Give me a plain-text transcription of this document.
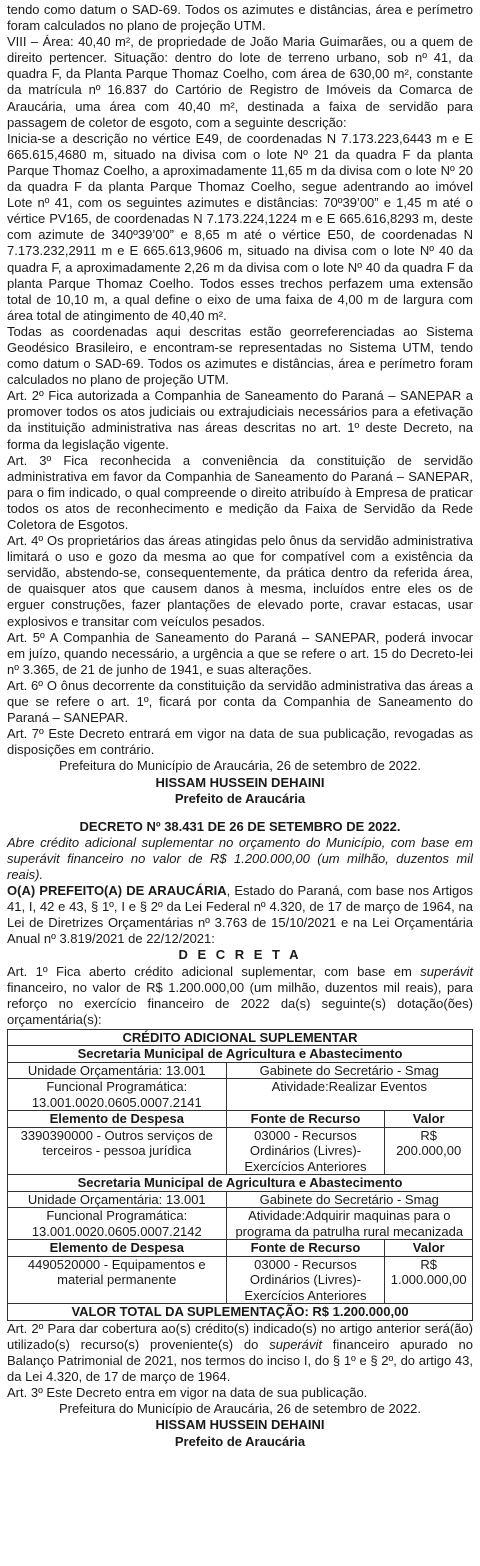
tendo como datum o SAD-69. Todos os azimutes e distâncias, área e perímetro foram calculados no plano de projeção UTM.

VIII – Área: 40,40 m², de propriedade de João Maria Guimarães, ou a quem de direito pertencer. Situação: dentro do lote de terreno urbano, sob nº 41, da quadra F, da Planta Parque Thomaz Coelho, com área de 630,00 m², constante da matrícula nº 16.837 do Cartório de Registro de Imóveis da Comarca de Araucária, uma área com 40,40 m², destinada a faixa de servidão para passagem de coletor de esgoto, com a seguinte descrição:

Inicia-se a descrição no vértice E49, de coordenadas N 7.173.223,6443 m e E 665.615,4680 m, situado na divisa com o lote Nº 21 da quadra F da planta Parque Thomaz Coelho, a aproximadamente 11,65 m da divisa com o lote Nº 20 da quadra F da planta Parque Thomaz Coelho, segue adentrando ao imóvel Lote nº 41, com os seguintes azimutes e distâncias: 70º39’00” e 1,45 m até o vértice PV165, de coordenadas N 7.173.224,1224 m e E 665.616,8293 m, deste com azimute de 340º39’00” e 8,65 m até o vértice E50, de coordenadas N 7.173.232,2911 m e E 665.613,9606 m, situado na divisa com o lote Nº 40 da quadra F, a aproximadamente 2,26 m da divisa com o lote Nº 40 da quadra F da planta Parque Thomaz Coelho. Todos esses trechos perfazem uma extensão total de 10,10 m, a qual define o eixo de uma faixa de 4,00 m de largura com área total de atingimento de 40,40 m².

Todas as coordenadas aqui descritas estão georreferenciadas ao Sistema Geodésico Brasileiro, e encontram-se representadas no Sistema UTM, tendo como datum o SAD-69. Todos os azimutes e distâncias, área e perímetro foram calculados no plano de projeção UTM.

Art. 2º Fica autorizada a Companhia de Saneamento do Paraná – SANEPAR a promover todos os atos judiciais ou extrajudiciais necessários para a efetivação da instituição administrativa nas áreas descritas no art. 1º deste Decreto, na forma da legislação vigente.

Art. 3º Fica reconhecida a conveniência da constituição de servidão administrativa em favor da Companhia de Saneamento do Paraná – SANEPAR, para o fim indicado, o qual compreende o direito atribuído à Empresa de praticar todos os atos de reconhecimento e medição da Faixa de Servidão da Rede Coletora de Esgotos.

Art. 4º Os proprietários das áreas atingidas pelo ônus da servidão administrativa limitará o uso e gozo da mesma ao que for compatível com a existência da servidão, abstendo-se, consequentemente, da prática dentro da referida área, de quaisquer atos que causem danos à mesma, incluídos entre eles os de erguer construções, fazer plantações de elevado porte, cravar estacas, usar explosivos e transitar com veículos pesados.

Art. 5º A Companhia de Saneamento do Paraná – SANEPAR, poderá invocar em juízo, quando necessário, a urgência a que se refere o art. 15 do Decreto-lei nº 3.365, de 21 de junho de 1941, e suas alterações.

Art. 6º O ônus decorrente da constituição da servidão administrativa das áreas a que se refere o art. 1º, ficará por conta da Companhia de Saneamento do Paraná – SANEPAR.

Art. 7º Este Decreto entrará em vigor na data de sua publicação, revogadas as disposições em contrário.

Prefeitura do Município de Araucária, 26 de setembro de 2022.

HISSAM HUSSEIN DEHAINI

Prefeito de Araucária

DECRETO Nº 38.431 DE 26 DE SETEMBRO DE 2022.

Abre crédito adicional suplementar no orçamento do Município, com base em superávit financeiro no valor de R$ 1.200.000,00 (um milhão, duzentos mil reais).

O(A) PREFEITO(A) DE ARAUCÁRIA, Estado do Paraná, com base nos Artigos 41, I, 42 e 43, § 1º, I e § 2º da Lei Federal nº 4.320, de 17 de março de 1964, na Lei de Diretrizes Orçamentárias nº 3.763 de 15/10/2021 e na Lei Orçamentária Anual nº 3.819/2021 de 22/12/2021:

D E C R E T A

Art. 1º Fica aberto crédito adicional suplementar, com base em superávit financeiro, no valor de R$ 1.200.000,00 (um milhão, duzentos mil reais), para reforço no exercício financeiro de 2022 da(s) seguinte(s) dotação(ões) orçamentária(s):

CRÉDITO ADICIONAL SUPLEMENTAR		
Secretaria Municipal de Agricultura e Abastecimento		
Unidade Orçamentária: 13.001	Gabinete do Secretário - Smag	
Funcional Programática: 13.001.0020.0605.0007.2141	Atividade:Realizar Eventos	
Elemento de Despesa	Fonte de Recurso	Valor
3390390000 - Outros serviços de terceiros - pessoa jurídica	03000 - Recursos Ordinários (Livres)- Exercícios Anteriores	R$ 200.000,00
Secretaria Municipal de Agricultura e Abastecimento		
Unidade Orçamentária: 13.001	Gabinete do Secretário - Smag	
Funcional Programática: 13.001.0020.0605.0007.2142	Atividade:Adquirir maquinas para o programa da patrulha rural mecanizada	
Elemento de Despesa	Fonte de Recurso	Valor
4490520000 - Equipamentos e material permanente	03000 - Recursos Ordinários (Livres)- Exercícios Anteriores	R$ 1.000.000,00
VALOR TOTAL DA SUPLEMENTAÇÃO: R$ 1.200.000,00		

Art. 2º Para dar cobertura ao(s) crédito(s) indicado(s) no artigo anterior será(ão) utilizado(s) recurso(s) proveniente(s) do superávit financeiro apurado no Balanço Patrimonial de 2021, nos termos do inciso I, do § 1º e § 2º, do artigo 43, da Lei 4.320, de 17 de março de 1964.

Art. 3º Este Decreto entra em vigor na data de sua publicação.

Prefeitura do Município de Araucária, 26 de setembro de 2022.

HISSAM HUSSEIN DEHAINI

Prefeito de Araucária
